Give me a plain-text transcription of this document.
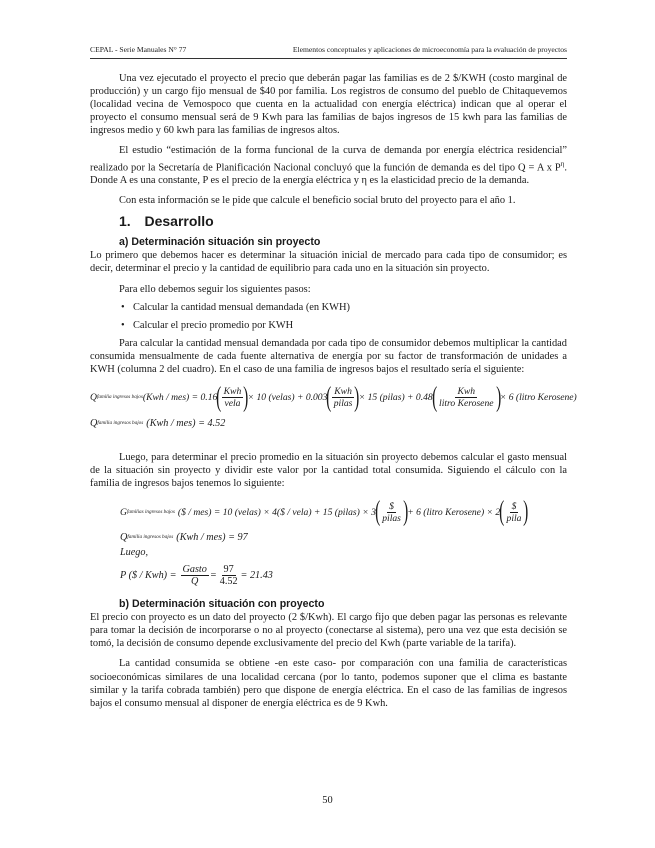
CEPAL - Serie Manuales N° 77	Elementos conceptuales y aplicaciones de microeconomía para la evaluación de proyectos

Una vez ejecutado el proyecto el precio que deberán pagar las familias es de 2 $/KWH (costo marginal de producción) y un cargo fijo mensual de $40 por familia. Los registros de consumo del pueblo de Chitaquevemos (localidad vecina de Vemospoco que cuenta en la actualidad con energía eléctrica) indican que al operar el proyecto el consumo mensual será de 9 Kwh para las familias de bajos ingresos de 15 kwh para las familias de ingresos medio y 60 kwh para las familias de ingresos altos.

El estudio “estimación de la forma funcional de la curva de demanda por energía eléctrica residencial” realizado por la Secretaría de Planificación Nacional concluyó que la función de demanda es del tipo Q = A x $P^\eta$. Donde A es una constante, P es el precio de la energía eléctrica y η es la elasticidad precio de la demanda.

Con esta información se le pide que calcule el beneficio social bruto del proyecto para el año 1.

1. Desarrollo
a) Determinación situación sin proyecto

Lo primero que debemos hacer es determinar la situación inicial de mercado para cada tipo de consumidor; es decir, determinar el precio y la cantidad de equilibrio para cada uno en la situación sin proyecto.

Para ello debemos seguir los siguientes pasos:

• Calcular la cantidad mensual demandada (en KWH)
• Calcular el precio promedio por KWH

Para calcular la cantidad mensual demandada por cada tipo de consumidor debemos multiplicar la cantidad consumida mensualmente de cada fuente alternativa de energía por su factor de transformación de unidades a KWH (columna 2 del cuadro). En el caso de una familia de ingresos bajos el resultado sería el siguiente:

Q familia ingresos bajos (Kwh / mes) = 0.16 ( Kwh
vela ) × 10 (velas) + 0.003 ( Kwh
pilas ) × 15 (pilas) + 0.48 ( Kwh
litro Kerosene ) × 6 (litro Kerosene)
Q familia ingresos bajos (Kwh / mes) = 4.52

Luego, para determinar el precio promedio en la situación sin proyecto debemos calcular el gasto mensual de la situación sin proyecto y dividir este valor por la cantidad total consumida. Siguiendo el cálculo con la familia de ingresos bajos tenemos lo siguiente:

G familias ingresos bajos ($ / mes) = 10 (velas) × 4($ / vela) + 15 (pilas) × 3 ( $
pilas ) + 6 (litro Kerosene) × 2 ( $
pila )
Q familia ingresos bajos (Kwh / mes) = 97
Luego,
P ($ / Kwh) =
Gasto
Q
= $\frac{97}{4.52} = 21.43$
b) Determinación situación con proyecto

El precio con proyecto es un dato del proyecto (2 $/Kwh). El cargo fijo que deben pagar las personas es relevante para tomar la decisión de incorporarse o no al proyecto (conectarse al sistema), pero una vez que esta decisión se tomó, la decisión de consumo depende exclusivamente del precio del Kwh (parte variable de la tarifa).

La cantidad consumida se obtiene -en este caso- por comparación con una familia de características socioeconómicas similares de una localidad cercana (por lo tanto, podemos suponer que el clima es bastante similar y la tarifa cobrada también) pero que dispone de energía eléctrica. En el caso de las familias de ingresos bajos el consumo mensual al disponer de energía eléctrica es de 9 Kwh.

50
